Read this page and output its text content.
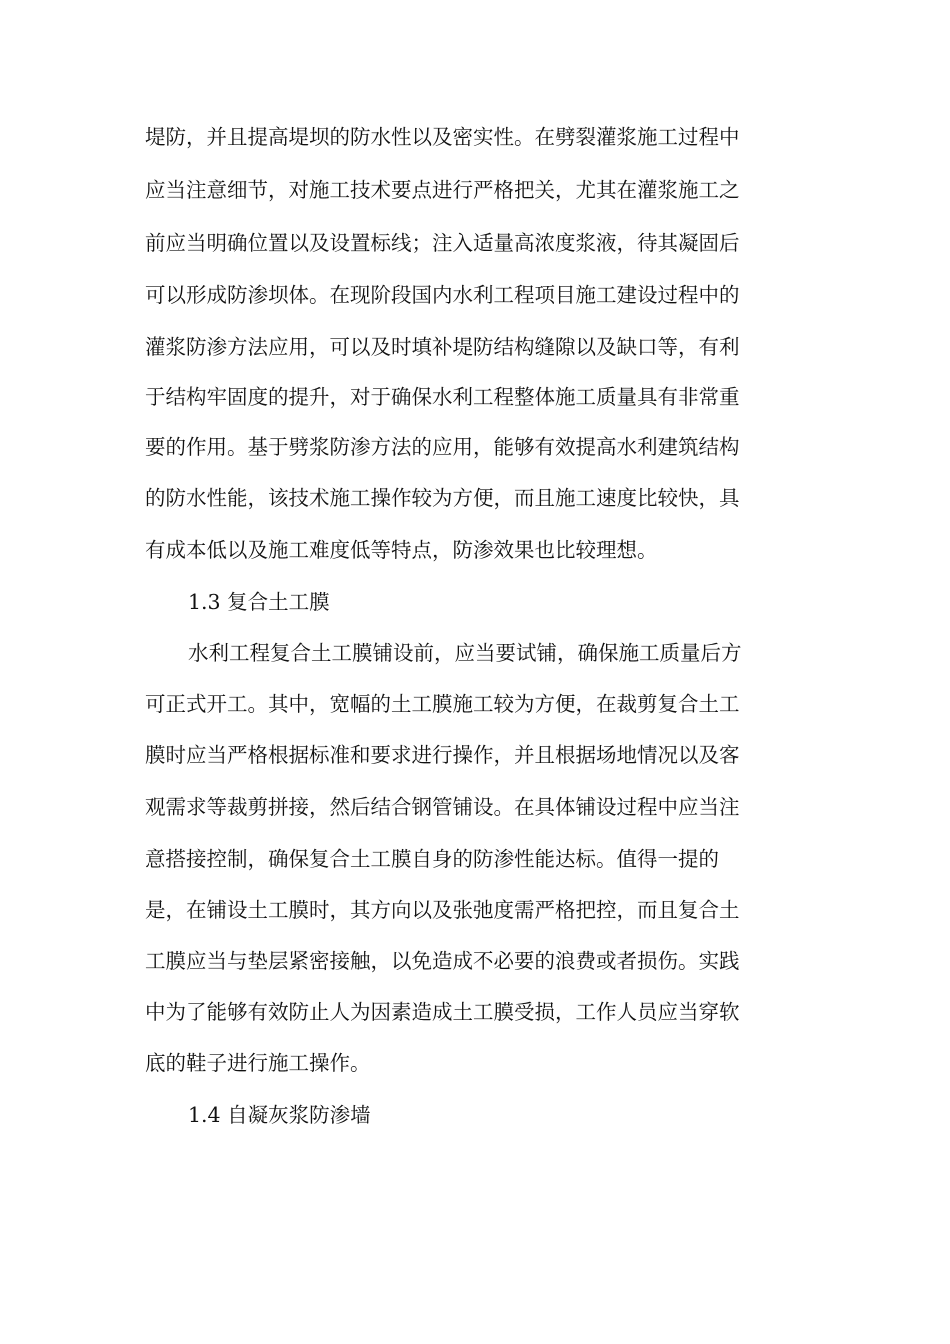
堤防，并且提高堤坝的防水性以及密实性。在劈裂灌浆施工过程中
应当注意细节，对施工技术要点进行严格把关，尤其在灌浆施工之
前应当明确位置以及设置标线；注入适量高浓度浆液，待其凝固后
可以形成防渗坝体。在现阶段国内水利工程项目施工建设过程中的
灌浆防渗方法应用，可以及时填补堤防结构缝隙以及缺口等，有利
于结构牢固度的提升，对于确保水利工程整体施工质量具有非常重
要的作用。基于劈浆防渗方法的应用，能够有效提高水利建筑结构
的防水性能，该技术施工操作较为方便，而且施工速度比较快，具
有成本低以及施工难度低等特点，防渗效果也比较理想。
1.3 复合土工膜
水利工程复合土工膜铺设前，应当要试铺，确保施工质量后方
可正式开工。其中，宽幅的土工膜施工较为方便，在裁剪复合土工
膜时应当严格根据标准和要求进行操作，并且根据场地情况以及客
观需求等裁剪拼接，然后结合钢管铺设。在具体铺设过程中应当注
意搭接控制，确保复合土工膜自身的防渗性能达标。值得一提的
是，在铺设土工膜时，其方向以及张弛度需严格把控，而且复合土
工膜应当与垫层紧密接触，以免造成不必要的浪费或者损伤。实践
中为了能够有效防止人为因素造成土工膜受损，工作人员应当穿软
底的鞋子进行施工操作。
1.4 自凝灰浆防渗墙
